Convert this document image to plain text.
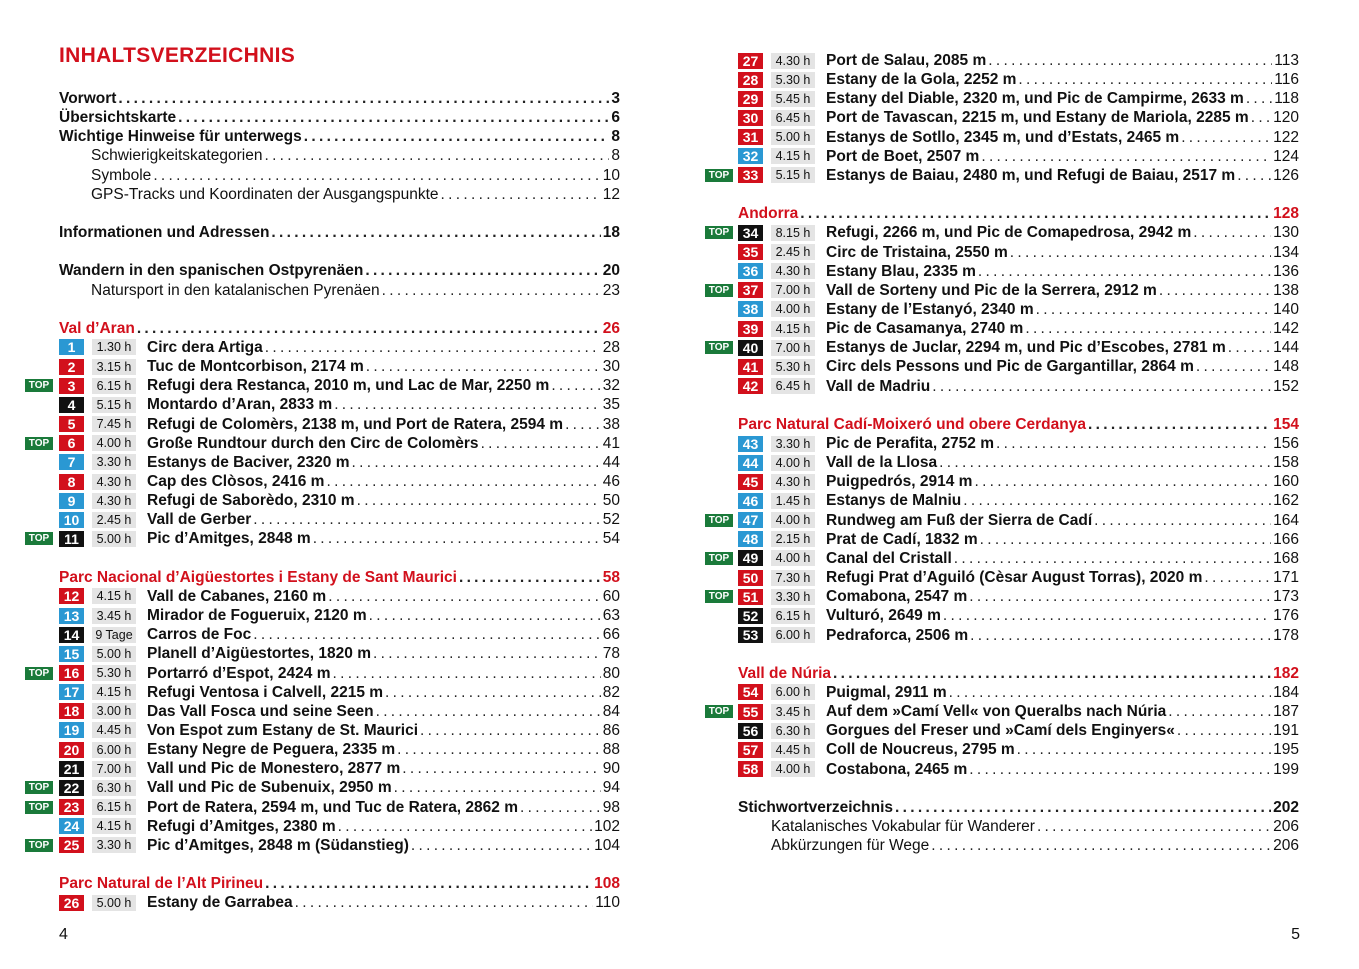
INHALTSVERZEICHNIS
Vorwort . . .	3
Übersichtskarte . . .	6
Wichtige Hinweise für unterwegs . . .	8
Schwierigkeitskategorien . . .	8
Symbole . . .	10
GPS-Tracks und Koordinaten der Ausgangspunkte . . .	12
Informationen und Adressen . . .	18
Wandern in den spanischen Ostpyrenäen . . .	20
Natursport in den katalanischen Pyrenäen . . .	23
Val d’Aran . . .	26
1	1.30 h Circ dera Artiga . . .	28
2	3.15 h Tuc de Montcorbison, 2174 m . . .	30
TOP	3	6.15 h Refugi dera Restanca, 2010 m, und Lac de Mar, 2250 m . . .	32
4	5.15 h Montardo d’Aran, 2833 m . . .	35
5	7.45 h Refugi de Colomèrs, 2138 m, und Port de Ratera, 2594 m . . .	38
TOP	6	4.00 h Große Rundtour durch den Circ de Colomèrs . . .	41
7	3.30 h Estanys de Baciver, 2320 m . . .	44
8	4.30 h Cap des Clòsos, 2416 m . . .	46
9	4.30 h Refugi de Saborèdo, 2310 m . . .	50
10	2.45 h Vall de Gerber . . .	52
TOP	11	5.00 h Pic d’Amitges, 2848 m . . .	54
Parc Nacional d’Aigüestortes i Estany de Sant Maurici . . .	58
12	4.15 h Vall de Cabanes, 2160 m . . .	60
13	3.45 h Mirador de Fogueruix, 2120 m . . .	63
14	9 Tage Carros de Foc . . .	66
15	5.00 h Planell d’Aigüestortes, 1820 m . . .	78
TOP	16	5.30 h Portarró d’Espot, 2424 m . . .	80
17	4.15 h Refugi Ventosa i Calvell, 2215 m . . .	82
18	3.00 h Das Vall Fosca und seine Seen . . .	84
19	4.45 h Von Espot zum Estany de St. Maurici . . .	86
20	6.00 h Estany Negre de Peguera, 2335 m . . .	88
21	7.00 h Vall und Pic de Monestero, 2877 m . . .	90
TOP	22	6.30 h Vall und Pic de Subenuix, 2950 m . . .	94
TOP	23	6.15 h Port de Ratera, 2594 m, und Tuc de Ratera, 2862 m . . .	98
24	4.15 h Refugi d’Amitges, 2380 m . . .	102
TOP	25	3.30 h Pic d’Amitges, 2848 m (Südanstieg) . . .	104
Parc Natural de l’Alt Pirineu . . .	108
26	5.00 h Estany de Garrabea . . .	110
4
27	4.30 h Port de Salau, 2085 m . . .	113
28	5.30 h Estany de la Gola, 2252 m . . .	116
29	5.45 h Estany del Diable, 2320 m, und Pic de Campirme, 2633 m . . . 118
30	6.45 h Port de Tavascan, 2215 m, und Estany de Mariola, 2285 m . . . 120
31	5.00 h Estanys de Sotllo, 2345 m, und d’Estats, 2465 m . . .	122
32	4.15 h Port de Boet, 2507 m . . .	124
TOP 33	5.15 h Estanys de Baiau, 2480 m, und Refugi de Baiau, 2517 m . . . 126
Andorra . . .	128
TOP 34	8.15 h Refugi, 2266 m, und Pic de Comapedrosa, 2942 m . . .	130
35	2.45 h Circ de Tristaina, 2550 m . . .	134
36	4.30 h Estany Blau, 2335 m . . .	136
TOP 37	7.00 h Vall de Sorteny und Pic de la Serrera, 2912 m . . .	138
38	4.00 h Estany de l’Estanyó, 2340 m . . .	140
39	4.15 h Pic de Casamanya, 2740 m . . .	142
TOP 40	7.00 h Estanys de Juclar, 2294 m, und Pic d’Escobes, 2781 m . . .	144
41	5.30 h Circ dels Pessons und Pic de Gargantillar, 2864 m . . .	148
42	6.45 h Vall de Madriu . . .	152
Parc Natural Cadí-Moixeró und obere Cerdanya . . .	154
43	3.30 h Pic de Perafita, 2752 m . . .	156
44	4.00 h Vall de la Llosa . . .	158
45	4.30 h Puigpedrós, 2914 m . . .	160
46	1.45 h Estanys de Malniu . . .	162
TOP 47	4.00 h Rundweg am Fuß der Sierra de Cadí . . .	164
48	2.15 h Prat de Cadí, 1832 m . . .	166
TOP 49	4.00 h Canal del Cristall . . .	168
50	7.30 h Refugi Prat d’Aguiló (Cèsar August Torras), 2020 m . . .	171
TOP 51	3.30 h Comabona, 2547 m . . .	173
52	6.15 h Vulturó, 2649 m . . .	176
53	6.00 h Pedraforca, 2506 m . . .	178
Vall de Núria . . .	182
54	6.00 h Puigmal, 2911 m . . .	184
TOP 55	3.45 h Auf dem »Camí Vell« von Queralbs nach Núria . . .	187
56	6.30 h Gorgues del Freser und »Camí dels Enginyers« . . .	191
57	4.45 h Coll de Noucreus, 2795 m . . .	195
58	4.00 h Costabona, 2465 m . . .	199
Stichwortverzeichnis . . .	202
Katalanisches Vokabular für Wanderer . . .	206
Abkürzungen für Wege . . .	206
5
